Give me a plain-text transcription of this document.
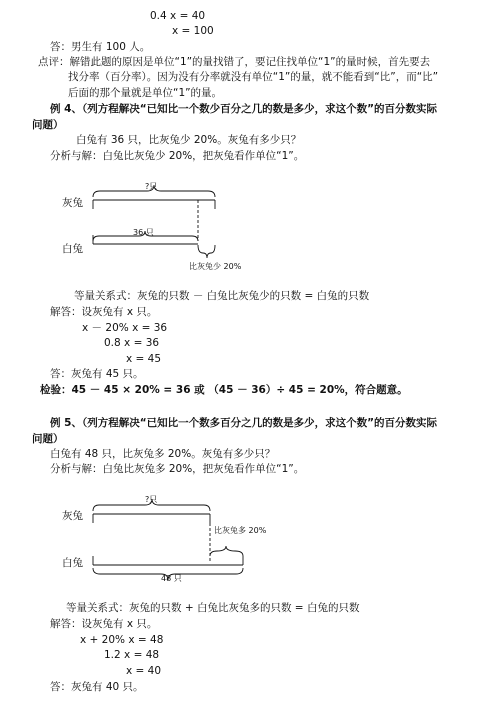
0.4 x = 40
x = 100
答：男生有 100 人。
点评：解错此题的原因是单位“1”的量找错了，要记住找单位“1”的量时候，首先要去
找分率（百分率）。因为没有分率就没有单位“1”的量，就不能看到“比”，而“比”
后面的那个量就是单位“1”的量。
例 4、（列方程解决“已知比一个数少百分之几的数是多少，求这个数”的百分数实际
问题）
白兔有 36 只，比灰兔少 20%。灰兔有多少只？
分析与解：白兔比灰兔少 20%，把灰兔看作单位“1”。
灰兔
白兔
?只
36 只
比灰兔少 20%
等量关系式：灰兔的只数 － 白兔比灰兔少的只数 = 白兔的只数
解答：设灰兔有 x 只。
x － 20% x = 36
0.8 x = 36
x = 45
答：灰兔有 45 只。
检验：45 － 45 × 20% = 36 或 （45 － 36）÷ 45 = 20%，符合题意。
例 5、（列方程解决“已知比一个数多百分之几的数是多少，求这个数”的百分数实际
问题）
白兔有 48 只，比灰兔多 20%。灰兔有多少只？
分析与解：白兔比灰兔多 20%，把灰兔看作单位“1”。
灰兔
白兔
?只
比灰兔多 20%
48 只
等量关系式：灰兔的只数 + 白兔比灰兔多的只数 = 白兔的只数
解答：设灰兔有 x 只。
x + 20% x = 48
1.2 x = 48
x = 40
答：灰兔有 40 只。
